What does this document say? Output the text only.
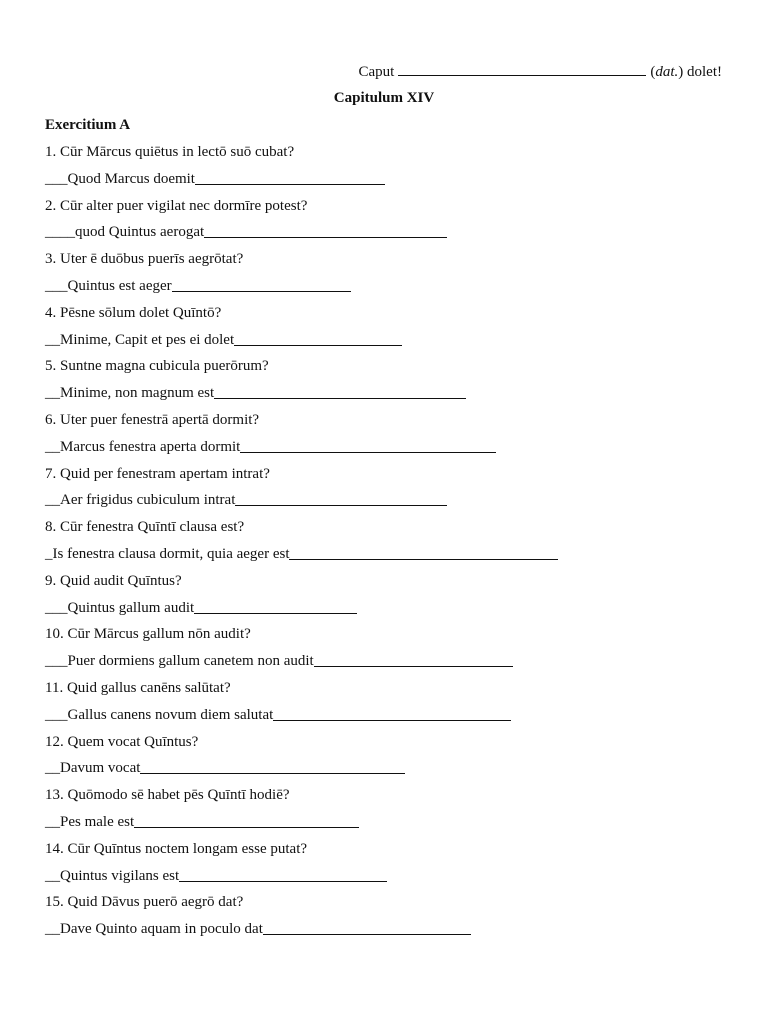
Caput	(dat.) dolet!
Capitulum XIV
Exercitium A
1. Cūr Mārcus quiētus in lectō suō cubat?
___Quod Marcus doemit
2. Cūr alter puer vigilat nec dormīre potest?
____quod Quintus aerogat
3. Uter ē duōbus puerīs aegrōtat?
___Quintus est aeger
4. Pēsne sōlum dolet Quīntō?
__Minime, Capit et pes ei dolet
5. Suntne magna cubicula puerōrum?
__Minime, non magnum est
6. Uter puer fenestrā apertā dormit?
__Marcus fenestra aperta dormit
7. Quid per fenestram apertam intrat?
__Aer frigidus cubiculum intrat
8. Cūr fenestra Quīntī clausa est?
_Is fenestra clausa dormit, quia aeger est
9. Quid audit Quīntus?
___Quintus gallum audit
10. Cūr Mārcus gallum nōn audit?
___Puer dormiens gallum canetem non audit
11. Quid gallus canēns salūtat?
___Gallus canens novum diem salutat
12. Quem vocat Quīntus?
__Davum vocat
13. Quōmodo sē habet pēs Quīntī hodiē?
__Pes male est
14. Cūr Quīntus noctem longam esse putat?
__Quintus vigilans est
15. Quid Dāvus puerō aegrō dat?
__Dave Quinto aquam in poculo dat
